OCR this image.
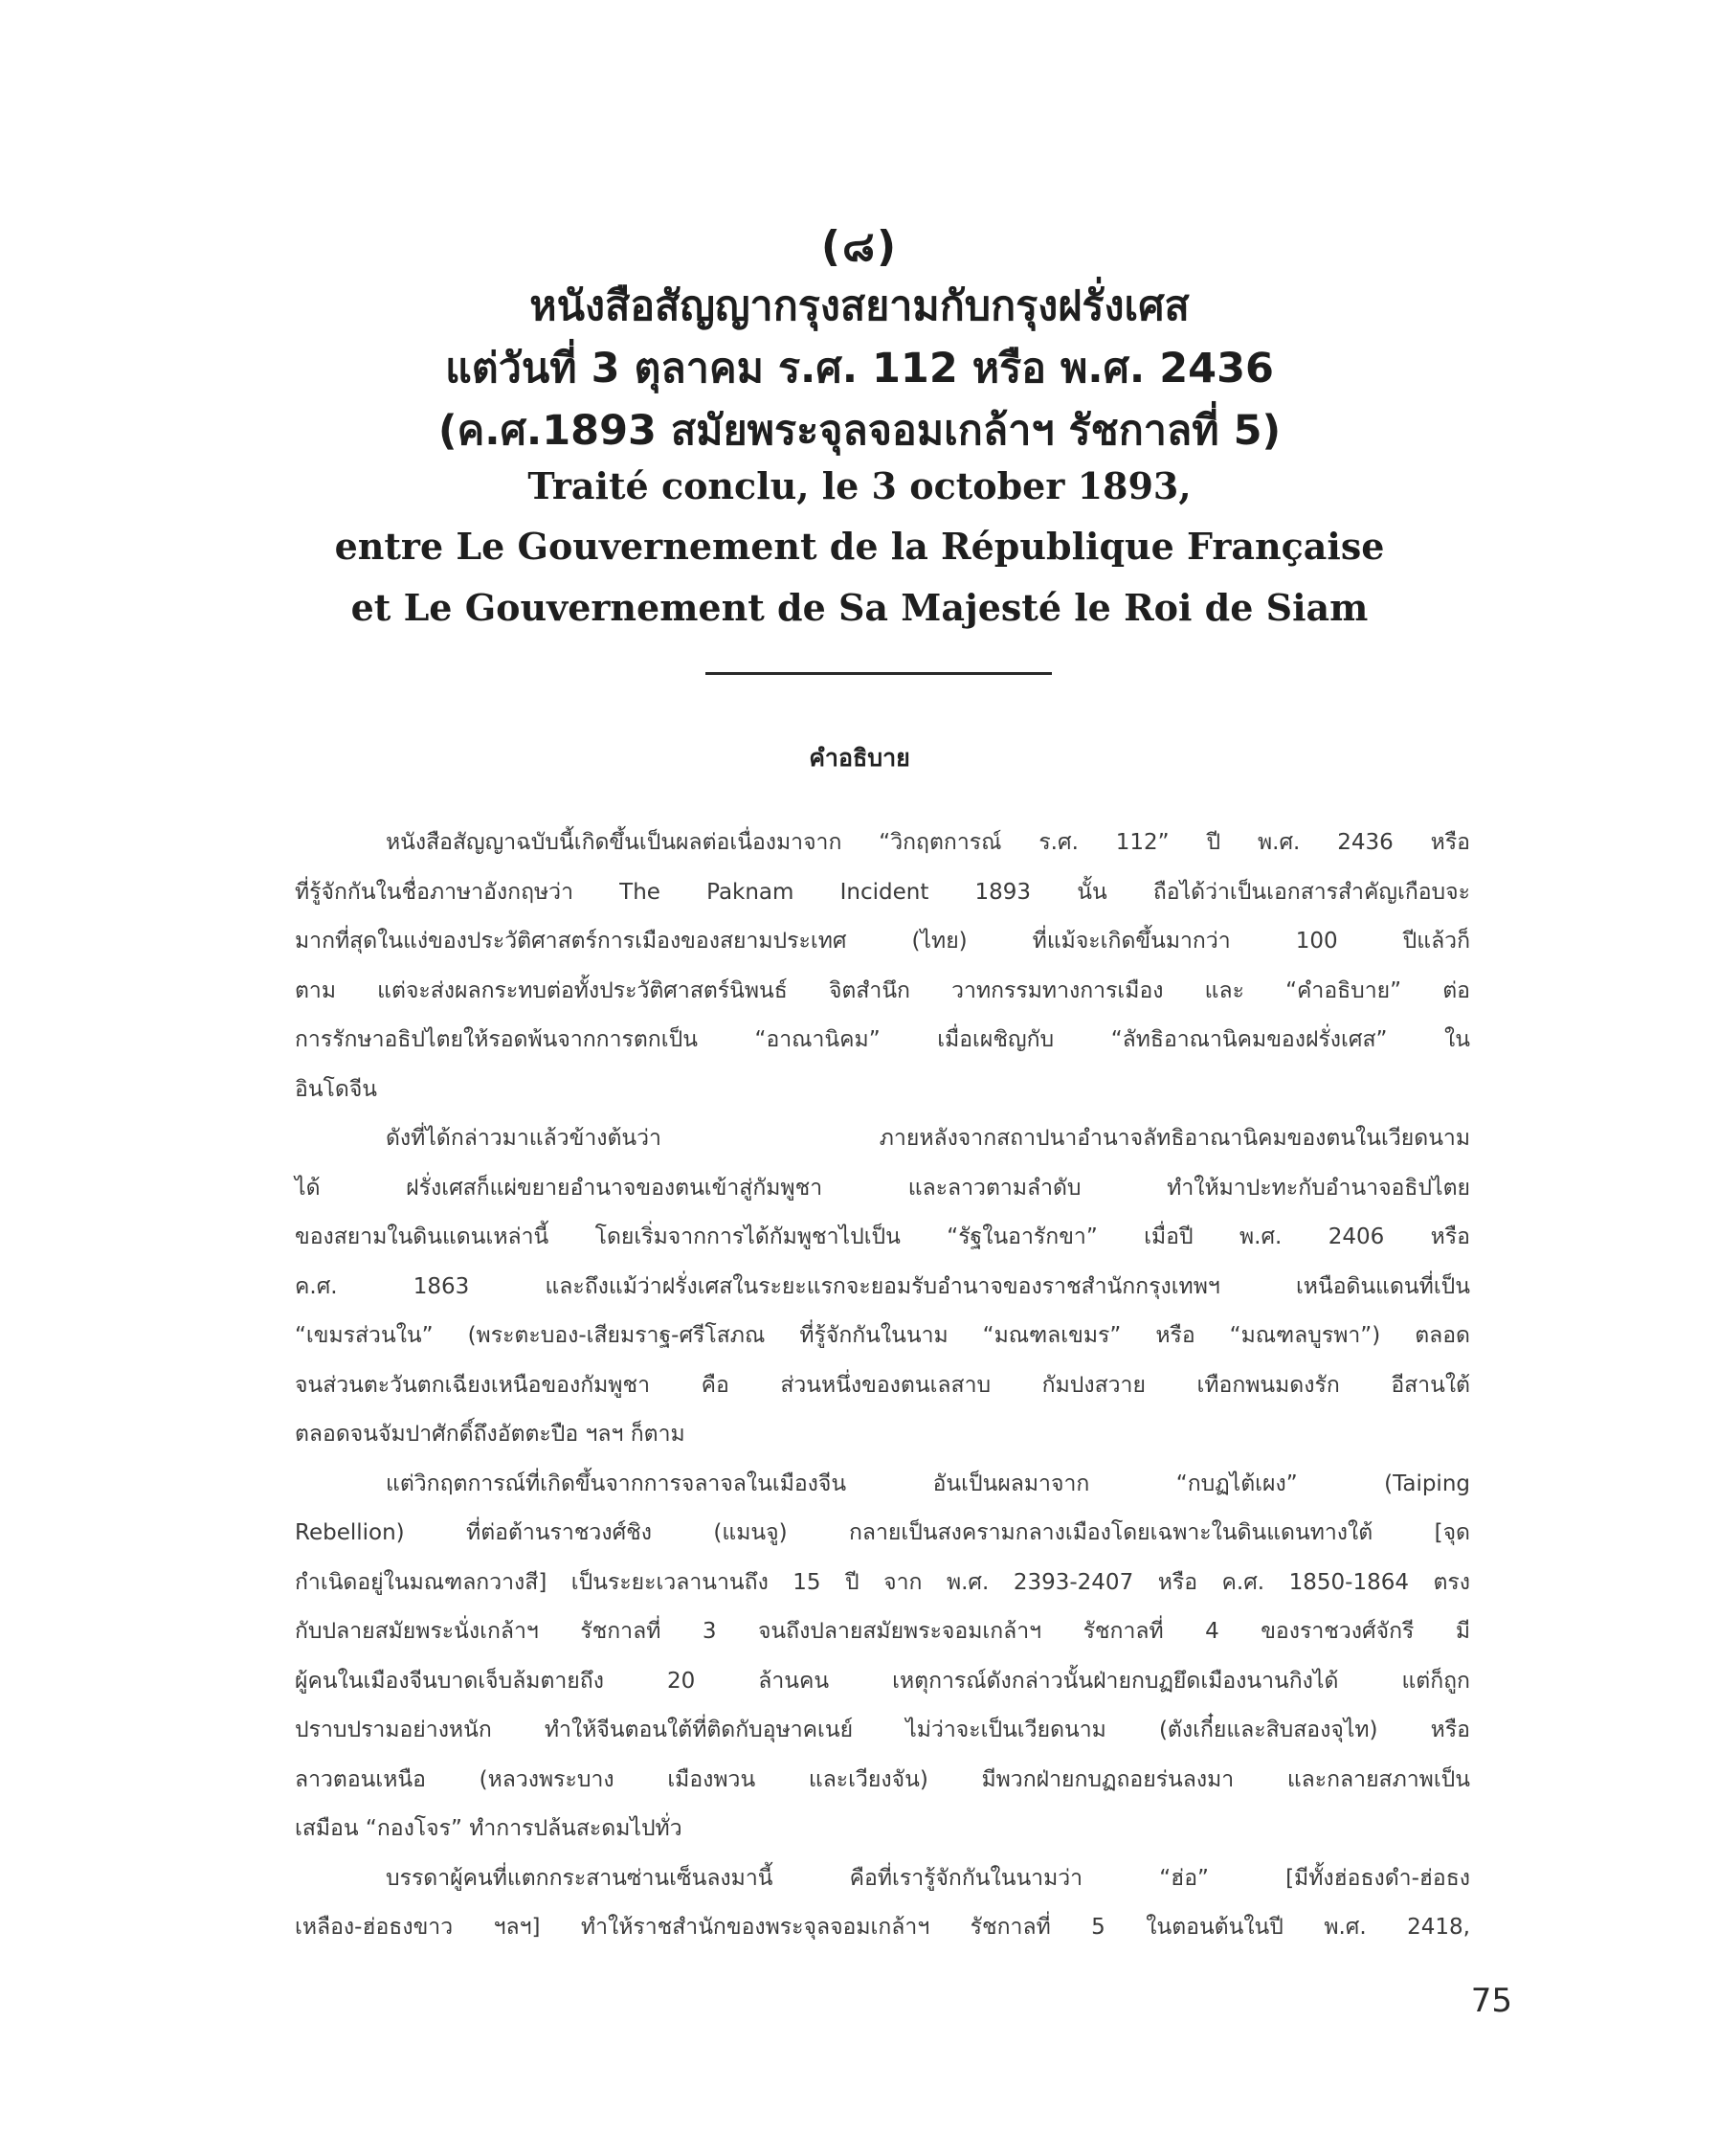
(๘)
หนังสือสัญญากรุงสยามกับกรุงฝรั่งเศส
แต่วันที่ 3 ตุลาคม ร.ศ. 112 หรือ พ.ศ. 2436
(ค.ศ.1893 สมัยพระจุลจอมเกล้าฯ รัชกาลที่ 5)
Traité conclu, le 3 october 1893,
entre Le Gouvernement de la République Française
et Le Gouvernement de Sa Majesté le Roi de Siam
คำอธิบาย
หนังสือสัญญาฉบับนี้เกิดขึ้นเป็นผลต่อเนื่องมาจาก “วิกฤตการณ์ ร.ศ. 112” ปี พ.ศ. 2436 หรือ
ที่รู้จักกันในชื่อภาษาอังกฤษว่า The Paknam Incident 1893 นั้น ถือได้ว่าเป็นเอกสารสำคัญเกือบจะ
มากที่สุดในแง่ของประวัติศาสตร์การเมืองของสยามประเทศ (ไทย) ที่แม้จะเกิดขึ้นมากว่า 100 ปีแล้วก็
ตาม แต่จะส่งผลกระทบต่อทั้งประวัติศาสตร์นิพนธ์ จิตสำนึก วาทกรรมทางการเมือง และ “คำอธิบาย” ต่อ
การรักษาอธิปไตยให้รอดพ้นจากการตกเป็น “อาณานิคม” เมื่อเผชิญกับ “ลัทธิอาณานิคมของฝรั่งเศส” ใน
อินโดจีน
ดังที่ได้กล่าวมาแล้วข้างต้นว่า ภายหลังจากสถาปนาอำนาจลัทธิอาณานิคมของตนในเวียดนาม
ได้ ฝรั่งเศสก็แผ่ขยายอำนาจของตนเข้าสู่กัมพูชา และลาวตามลำดับ ทำให้มาปะทะกับอำนาจอธิปไตย
ของสยามในดินแดนเหล่านี้ โดยเริ่มจากการได้กัมพูชาไปเป็น “รัฐในอารักขา” เมื่อปี พ.ศ. 2406 หรือ
ค.ศ. 1863 และถึงแม้ว่าฝรั่งเศสในระยะแรกจะยอมรับอำนาจของราชสำนักกรุงเทพฯ เหนือดินแดนที่เป็น
“เขมรส่วนใน” (พระตะบอง-เสียมราฐ-ศรีโสภณ ที่รู้จักกันในนาม “มณฑลเขมร” หรือ “มณฑลบูรพา”) ตลอด
จนส่วนตะวันตกเฉียงเหนือของกัมพูชา คือ ส่วนหนึ่งของตนเลสาบ กัมปงสวาย เทือกพนมดงรัก อีสานใต้
ตลอดจนจัมปาศักดิ์ถึงอัตตะปือ ฯลฯ ก็ตาม
แต่วิกฤตการณ์ที่เกิดขึ้นจากการจลาจลในเมืองจีน อันเป็นผลมาจาก “กบฏไต้เผง” (Taiping
Rebellion) ที่ต่อต้านราชวงศ์ชิง (แมนจู) กลายเป็นสงครามกลางเมืองโดยเฉพาะในดินแดนทางใต้ [จุด
กำเนิดอยู่ในมณฑลกวางสี] เป็นระยะเวลานานถึง 15 ปี จาก พ.ศ. 2393-2407 หรือ ค.ศ. 1850-1864 ตรง
กับปลายสมัยพระนั่งเกล้าฯ รัชกาลที่ 3 จนถึงปลายสมัยพระจอมเกล้าฯ รัชกาลที่ 4 ของราชวงศ์จักรี มี
ผู้คนในเมืองจีนบาดเจ็บล้มตายถึง 20 ล้านคน เหตุการณ์ดังกล่าวนั้นฝ่ายกบฏยึดเมืองนานกิงได้ แต่ก็ถูก
ปราบปรามอย่างหนัก ทำให้จีนตอนใต้ที่ติดกับอุษาคเนย์ ไม่ว่าจะเป็นเวียดนาม (ตังเกี๋ยและสิบสองจุไท) หรือ
ลาวตอนเหนือ (หลวงพระบาง เมืองพวน และเวียงจัน) มีพวกฝ่ายกบฏถอยร่นลงมา และกลายสภาพเป็น
เสมือน “กองโจร” ทำการปล้นสะดมไปทั่ว
บรรดาผู้คนที่แตกกระสานซ่านเซ็นลงมานี้ คือที่เรารู้จักกันในนามว่า “ฮ่อ” [มีทั้งฮ่อธงดำ-ฮ่อธง
เหลือง-ฮ่อธงขาว ฯลฯ] ทำให้ราชสำนักของพระจุลจอมเกล้าฯ รัชกาลที่ 5 ในตอนต้นในปี พ.ศ. 2418,
75
